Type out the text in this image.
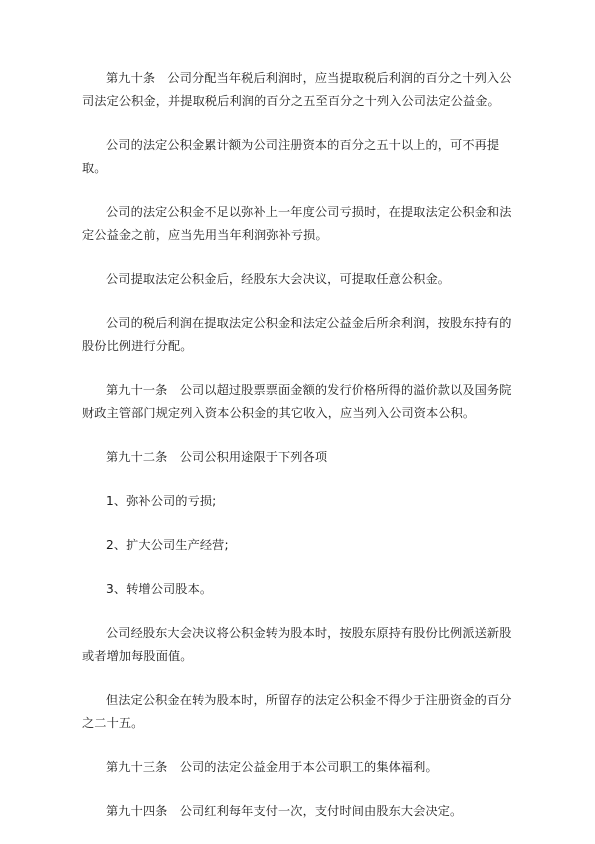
第九十条　公司分配当年税后利润时，应当提取税后利润的百分之十列入公司法定公积金，并提取税后利润的百分之五至百分之十列入公司法定公益金。

公司的法定公积金累计额为公司注册资本的百分之五十以上的，可不再提取。

公司的法定公积金不足以弥补上一年度公司亏损时，在提取法定公积金和法定公益金之前，应当先用当年利润弥补亏损。

公司提取法定公积金后，经股东大会决议，可提取任意公积金。

公司的税后利润在提取法定公积金和法定公益金后所余利润，按股东持有的股份比例进行分配。

第九十一条　公司以超过股票票面金额的发行价格所得的溢价款以及国务院财政主管部门规定列入资本公积金的其它收入，应当列入公司资本公积。

第九十二条　公司公积用途限于下列各项

1、弥补公司的亏损;

2、扩大公司生产经营;

3、转增公司股本。

公司经股东大会决议将公积金转为股本时，按股东原持有股份比例派送新股或者增加每股面值。

但法定公积金在转为股本时，所留存的法定公积金不得少于注册资金的百分之二十五。

第九十三条　公司的法定公益金用于本公司职工的集体福利。

第九十四条　公司红利每年支付一次，支付时间由股东大会决定。
